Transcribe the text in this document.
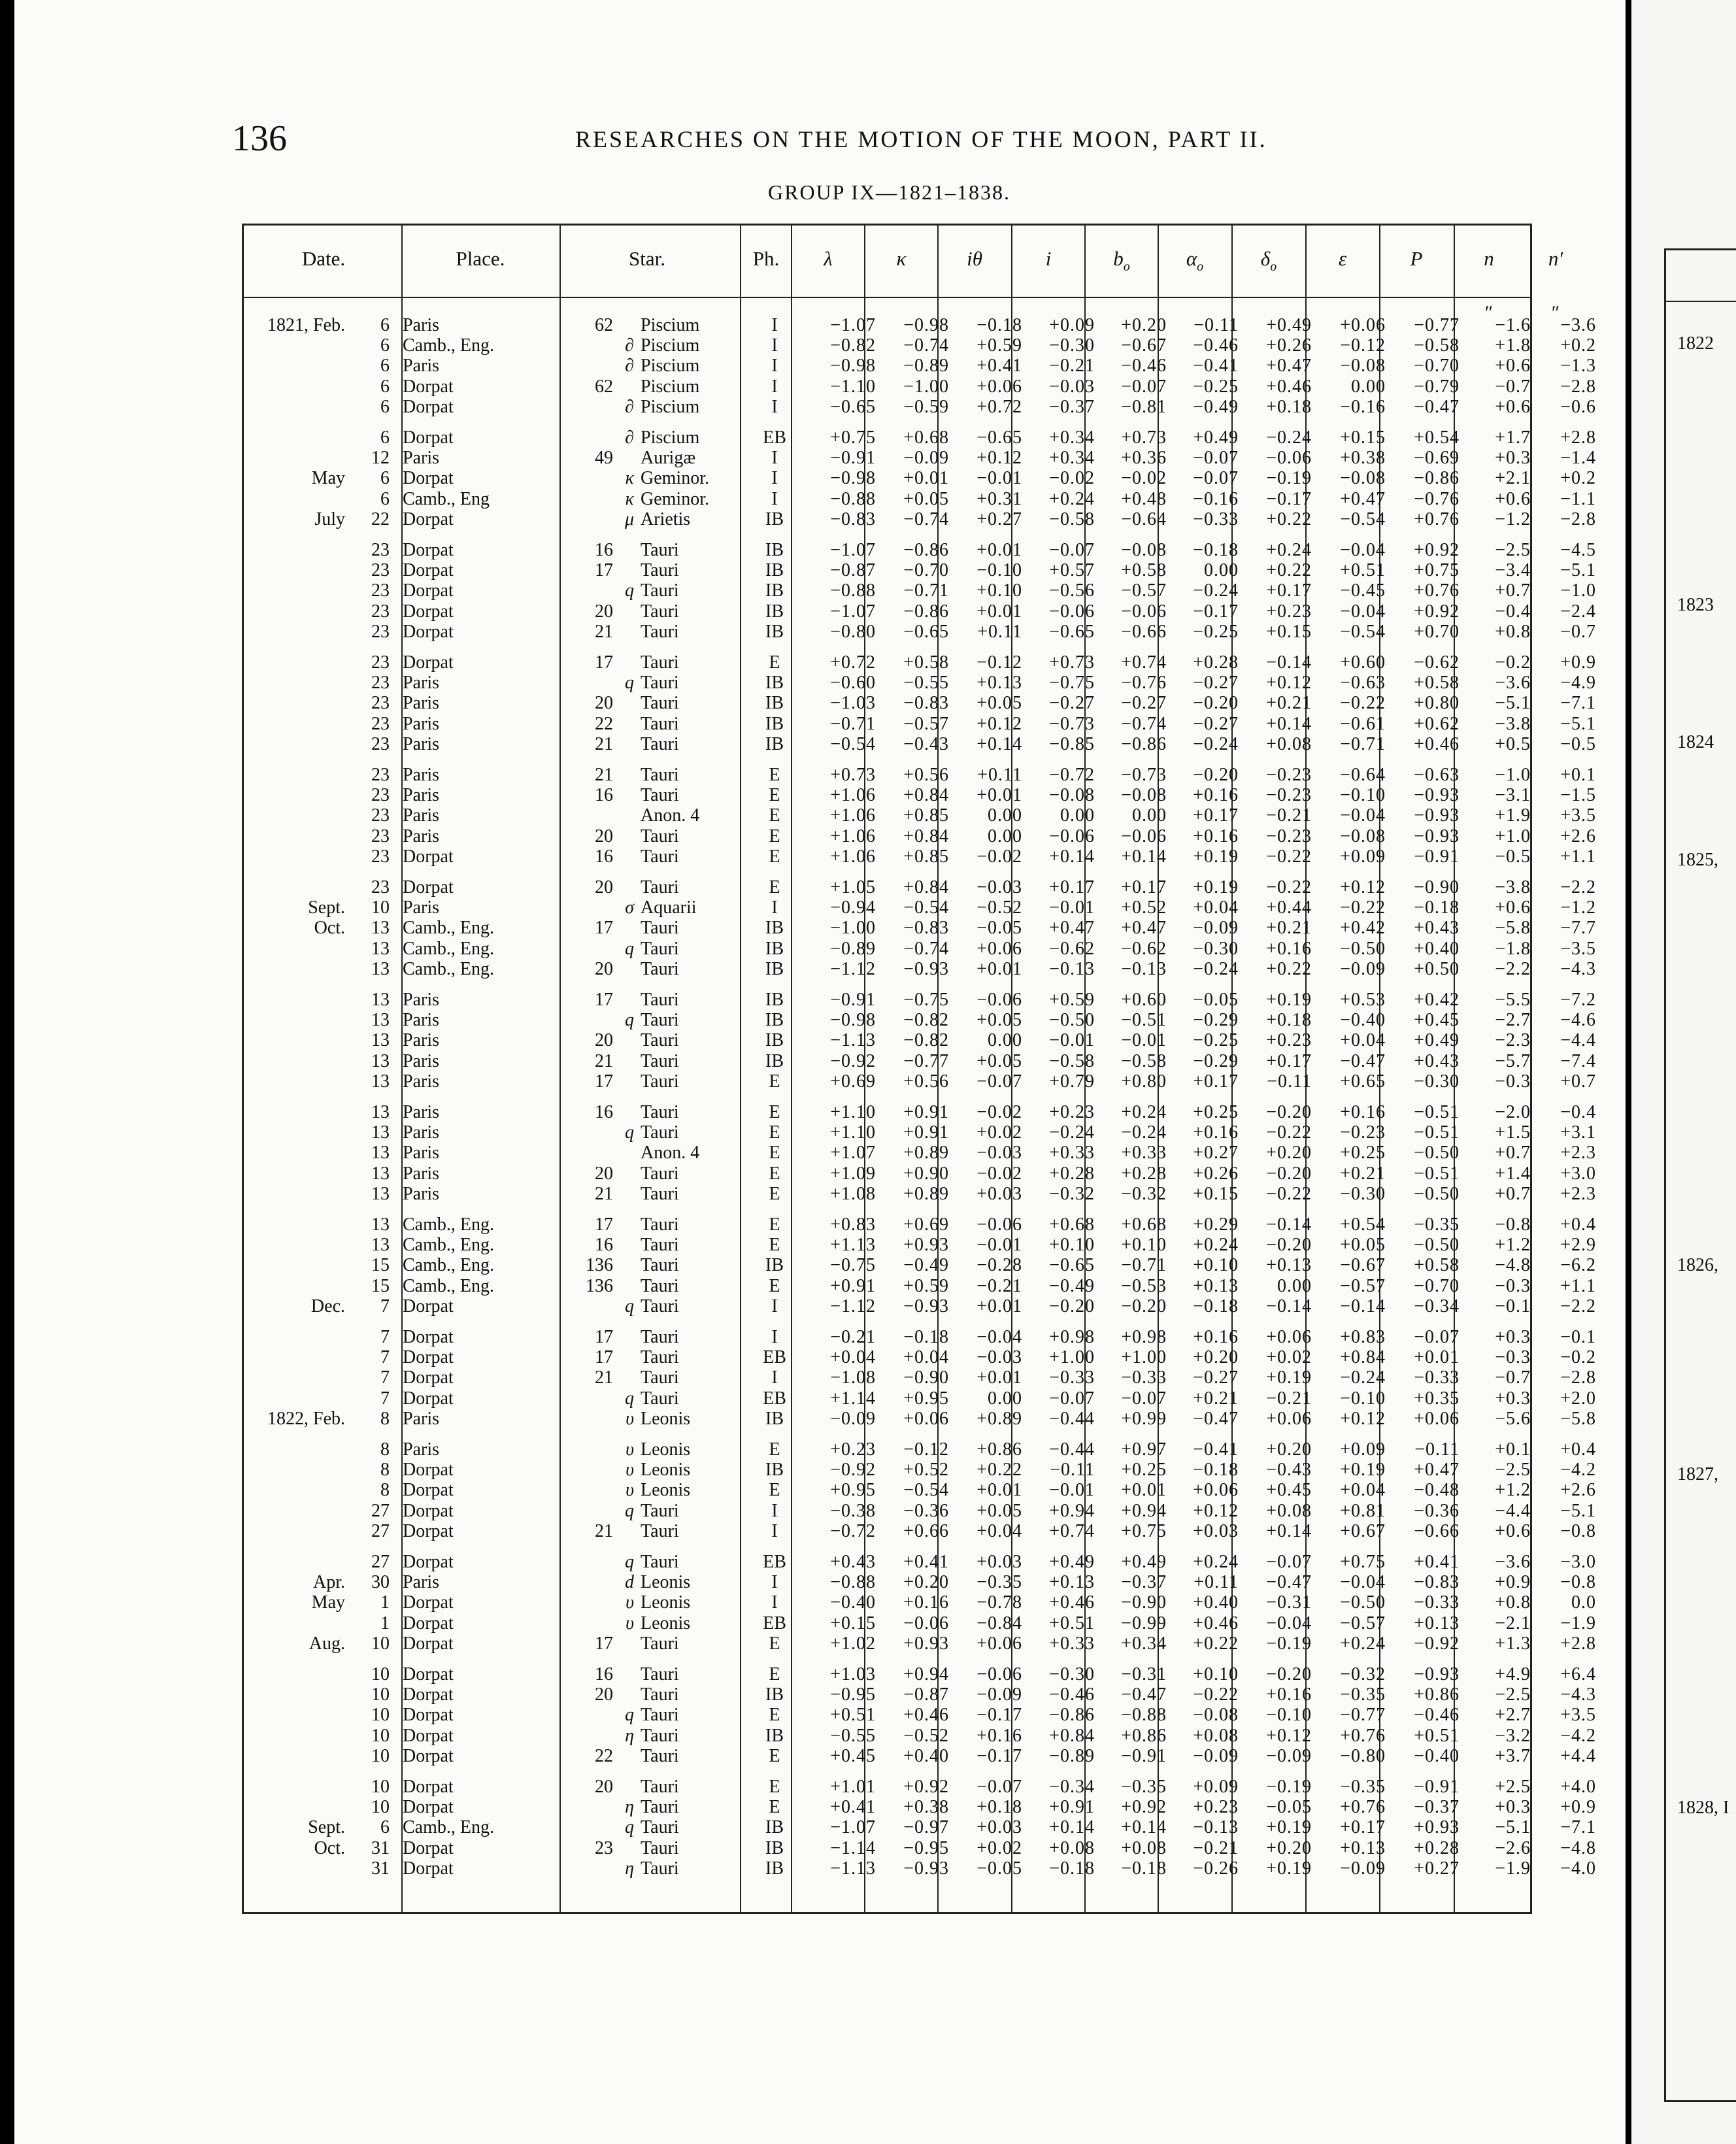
1822
1823
1824
1825,
1826,
1827,
1828, I
136	RESEARCHES ON THE MOTION OF THE MOON, PART II.
GROUP IX—1821–1838.
Date.	Place.	Star.	Ph.	λ	κ	iθ	i	$b_o$	$\alpha_o$	$\delta_o$	ε	P	n	n′
″	″
1821, Feb.	6 Paris	62 Piscium	I	−1.07	−0.98	−0.18	+0.09	+0.20	−0.11	+0.49	+0.06	−0.77	−1.6	−3.6
6 Camb., Eng.	∂ Piscium	I	−0.82	−0.74	+0.59	−0.30	−0.67	−0.46	+0.26	−0.12	−0.58	+1.8	+0.2
6 Paris	∂ Piscium	I	−0.98	−0.89	+0.41	−0.21	−0.46	−0.41	+0.47	−0.08	−0.70	+0.6	−1.3
6 Dorpat	62 Piscium	I	−1.10	−1.00	+0.06	−0.03	−0.07	−0.25	+0.46	0.00	−0.79	−0.7	−2.8
6 Dorpat	∂ Piscium	I	−0.65	−0.59	+0.72	−0.37	−0.81	−0.49	+0.18	−0.16	−0.47	+0.6	−0.6
6 Dorpat	∂ Piscium	EB	+0.75	+0.68	−0.65	+0.34	+0.73	+0.49	−0.24	+0.15	+0.54	+1.7	+2.8
12 Paris	49 Aurigæ	I	−0.91	−0.09	+0.12	+0.34	+0.36	−0.07	−0.06	+0.38	−0.69	+0.3	−1.4
May	6 Dorpat	κ Geminor.	I	−0.98	+0.01	−0.01	−0.02	−0.02	−0.07	−0.19	−0.08	−0.86	+2.1	+0.2
6 Camb., Eng	κ Geminor.	I	−0.88	+0.05	+0.31	+0.24	+0.48	−0.16	−0.17	+0.47	−0.76	+0.6	−1.1
July	22 Dorpat	μ Arietis	IB	−0.83	−0.74	+0.27	−0.58	−0.64	−0.33	+0.22	−0.54	+0.76	−1.2	−2.8
23 Dorpat	16 Tauri	IB	−1.07	−0.86	+0.01	−0.07	−0.08	−0.18	+0.24	−0.04	+0.92	−2.5	−4.5
23 Dorpat	17 Tauri	IB	−0.87	−0.70	−0.10	+0.57	+0.58	0.00	+0.22	+0.51	+0.75	−3.4	−5.1
23 Dorpat	q Tauri	IB	−0.88	−0.71	+0.10	−0.56	−0.57	−0.24	+0.17	−0.45	+0.76	+0.7	−1.0
23 Dorpat	20 Tauri	IB	−1.07	−0.86	+0.01	−0.06	−0.06	−0.17	+0.23	−0.04	+0.92	−0.4	−2.4
23 Dorpat	21 Tauri	IB	−0.80	−0.65	+0.11	−0.65	−0.66	−0.25	+0.15	−0.54	+0.70	+0.8	−0.7
23 Dorpat	17 Tauri	E	+0.72	+0.58	−0.12	+0.73	+0.74	+0.28	−0.14	+0.60	−0.62	−0.2	+0.9
23 Paris	q Tauri	IB	−0.60	−0.55	+0.13	−0.75	−0.76	−0.27	+0.12	−0.63	+0.58	−3.6	−4.9
23 Paris	20 Tauri	IB	−1.03	−0.83	+0.05	−0.27	−0.27	−0.20	+0.21	−0.22	+0.80	−5.1	−7.1
23 Paris	22 Tauri	IB	−0.71	−0.57	+0.12	−0.73	−0.74	−0.27	+0.14	−0.61	+0.62	−3.8	−5.1
23 Paris	21 Tauri	IB	−0.54	−0.43	+0.14	−0.85	−0.86	−0.24	+0.08	−0.71	+0.46	+0.5	−0.5
23 Paris	21 Tauri	E	+0.73	+0.56	+0.11	−0.72	−0.73	−0.20	−0.23	−0.64	−0.63	−1.0	+0.1
23 Paris	16 Tauri	E	+1.06	+0.84	+0.01	−0.08	−0.08	+0.16	−0.23	−0.10	−0.93	−3.1	−1.5
23 Paris	Anon. 4	E	+1.06	+0.85	0.00	0.00	0.00	+0.17	−0.21	−0.04	−0.93	+1.9	+3.5
23 Paris	20 Tauri	E	+1.06	+0.84	0.00	−0.06	−0.06	+0.16	−0.23	−0.08	−0.93	+1.0	+2.6
23 Dorpat	16 Tauri	E	+1.06	+0.85	−0.02	+0.14	+0.14	+0.19	−0.22	+0.09	−0.91	−0.5	+1.1
23 Dorpat	20 Tauri	E	+1.05	+0.84	−0.03	+0.17	+0.17	+0.19	−0.22	+0.12	−0.90	−3.8	−2.2
Sept.	10 Paris	σ Aquarii	I	−0.94	−0.54	−0.52	−0.01	+0.52	+0.04	+0.44	−0.22	−0.18	+0.6	−1.2
Oct.	13 Camb., Eng.	17 Tauri	IB	−1.00	−0.83	−0.05	+0.47	+0.47	−0.09	+0.21	+0.42	+0.43	−5.8	−7.7
13 Camb., Eng.	q Tauri	IB	−0.89	−0.74	+0.06	−0.62	−0.62	−0.30	+0.16	−0.50	+0.40	−1.8	−3.5
13 Camb., Eng.	20 Tauri	IB	−1.12	−0.93	+0.01	−0.13	−0.13	−0.24	+0.22	−0.09	+0.50	−2.2	−4.3
13 Paris	17 Tauri	IB	−0.91	−0.75	−0.06	+0.59	+0.60	−0.05	+0.19	+0.53	+0.42	−5.5	−7.2
13 Paris	q Tauri	IB	−0.98	−0.82	+0.05	−0.50	−0.51	−0.29	+0.18	−0.40	+0.45	−2.7	−4.6
13 Paris	20 Tauri	IB	−1.13	−0.82	0.00	−0.01	−0.01	−0.25	+0.23	+0.04	+0.49	−2.3	−4.4
13 Paris	21 Tauri	IB	−0.92	−0.77	+0.05	−0.58	−0.58	−0.29	+0.17	−0.47	+0.43	−5.7	−7.4
13 Paris	17 Tauri	E	+0.69	+0.56	−0.07	+0.79	+0.80	+0.17	−0.11	+0.65	−0.30	−0.3	+0.7
13 Paris	16 Tauri	E	+1.10	+0.91	−0.02	+0.23	+0.24	+0.25	−0.20	+0.16	−0.51	−2.0	−0.4
13 Paris	q Tauri	E	+1.10	+0.91	+0.02	−0.24	−0.24	+0.16	−0.22	−0.23	−0.51	+1.5	+3.1
13 Paris	Anon. 4	E	+1.07	+0.89	−0.03	+0.33	+0.33	+0.27	+0.20	+0.25	−0.50	+0.7	+2.3
13 Paris	20 Tauri	E	+1.09	+0.90	−0.02	+0.28	+0.28	+0.26	−0.20	+0.21	−0.51	+1.4	+3.0
13 Paris	21 Tauri	E	+1.08	+0.89	+0.03	−0.32	−0.32	+0.15	−0.22	−0.30	−0.50	+0.7	+2.3
13 Camb., Eng.	17 Tauri	E	+0.83	+0.69	−0.06	+0.68	+0.68	+0.29	−0.14	+0.54	−0.35	−0.8	+0.4
13 Camb., Eng.	16 Tauri	E	+1.13	+0.93	−0.01	+0.10	+0.10	+0.24	−0.20	+0.05	−0.50	+1.2	+2.9
15 Camb., Eng.	136 Tauri	IB	−0.75	−0.49	−0.28	−0.65	−0.71	+0.10	+0.13	−0.67	+0.58	−4.8	−6.2
15 Camb., Eng.	136 Tauri	E	+0.91	+0.59	−0.21	−0.49	−0.53	+0.13	0.00	−0.57	−0.70	−0.3	+1.1
Dec.	7 Dorpat	q Tauri	I	−1.12	−0.93	+0.01	−0.20	−0.20	−0.18	−0.14	−0.14	−0.34	−0.1	−2.2
7 Dorpat	17 Tauri	I	−0.21	−0.18	−0.04	+0.98	+0.98	+0.16	+0.06	+0.83	−0.07	+0.3	−0.1
7 Dorpat	17 Tauri	EB	+0.04	+0.04	−0.03	+1.00	+1.00	+0.20	+0.02	+0.84	+0.01	−0.3	−0.2
7 Dorpat	21 Tauri	I	−1.08	−0.90	+0.01	−0.33	−0.33	−0.27	+0.19	−0.24	−0.33	−0.7	−2.8
7 Dorpat	q Tauri	EB	+1.14	+0.95	0.00	−0.07	−0.07	+0.21	−0.21	−0.10	+0.35	+0.3	+2.0
1822, Feb.	8 Paris	υ Leonis	IB	−0.09	+0.06	+0.89	−0.44	+0.99	−0.47	+0.06	+0.12	+0.06	−5.6	−5.8
8 Paris	υ Leonis	E	+0.23	−0.12	+0.86	−0.44	+0.97	−0.41	+0.20	+0.09	−0.11	+0.1	+0.4
8 Dorpat	υ Leonis	IB	−0.92	+0.52	+0.22	−0.11	+0.25	−0.18	−0.43	+0.19	+0.47	−2.5	−4.2
8 Dorpat	υ Leonis	E	+0.95	−0.54	+0.01	−0.01	+0.01	+0.06	+0.45	+0.04	−0.48	+1.2	+2.6
27 Dorpat	q Tauri	I	−0.38	−0.36	+0.05	+0.94	+0.94	+0.12	+0.08	+0.81	−0.36	−4.4	−5.1
27 Dorpat	21 Tauri	I	−0.72	+0.66	+0.04	+0.74	+0.75	+0.03	+0.14	+0.67	−0.66	+0.6	−0.8
27 Dorpat	q Tauri	EB	+0.43	+0.41	+0.03	+0.49	+0.49	+0.24	−0.07	+0.75	+0.41	−3.6	−3.0
Apr.	30 Paris	d Leonis	I	−0.88	+0.20	−0.35	+0.13	−0.37	+0.11	−0.47	−0.04	−0.83	+0.9	−0.8
May	1 Dorpat	υ Leonis	I	−0.40	+0.16	−0.78	+0.46	−0.90	+0.40	−0.31	−0.50	−0.33	+0.8	0.0
1 Dorpat	υ Leonis	EB	+0.15	−0.06	−0.84	+0.51	−0.99	+0.46	−0.04	−0.57	+0.13	−2.1	−1.9
Aug.	10 Dorpat	17 Tauri	E	+1.02	+0.93	+0.06	+0.33	+0.34	+0.22	−0.19	+0.24	−0.92	+1.3	+2.8
10 Dorpat	16 Tauri	E	+1.03	+0.94	−0.06	−0.30	−0.31	+0.10	−0.20	−0.32	−0.93	+4.9	+6.4
10 Dorpat	20 Tauri	IB	−0.95	−0.87	−0.09	−0.46	−0.47	−0.22	+0.16	−0.35	+0.86	−2.5	−4.3
10 Dorpat	q Tauri	E	+0.51	+0.46	−0.17	−0.86	−0.88	−0.08	−0.10	−0.77	−0.46	+2.7	+3.5
10 Dorpat	η Tauri	IB	−0.55	−0.52	+0.16	+0.84	+0.86	+0.08	+0.12	+0.76	+0.51	−3.2	−4.2
10 Dorpat	22 Tauri	E	+0.45	+0.40	−0.17	−0.89	−0.91	−0.09	−0.09	−0.80	−0.40	+3.7	+4.4
10 Dorpat	20 Tauri	E	+1.01	+0.92	−0.07	−0.34	−0.35	+0.09	−0.19	−0.35	−0.91	+2.5	+4.0
10 Dorpat	η Tauri	E	+0.41	+0.38	+0.18	+0.91	+0.92	+0.23	−0.05	+0.76	−0.37	+0.3	+0.9
Sept.	6 Camb., Eng.	q Tauri	IB	−1.07	−0.97	+0.03	+0.14	+0.14	−0.13	+0.19	+0.17	+0.93	−5.1	−7.1
Oct.	31 Dorpat	23 Tauri	IB	−1.14	−0.95	+0.02	+0.08	+0.08	−0.21	+0.20	+0.13	+0.28	−2.6	−4.8
31 Dorpat	η Tauri	IB	−1.13	−0.93	−0.05	−0.18	−0.18	−0.26	+0.19	−0.09	+0.27	−1.9	−4.0
